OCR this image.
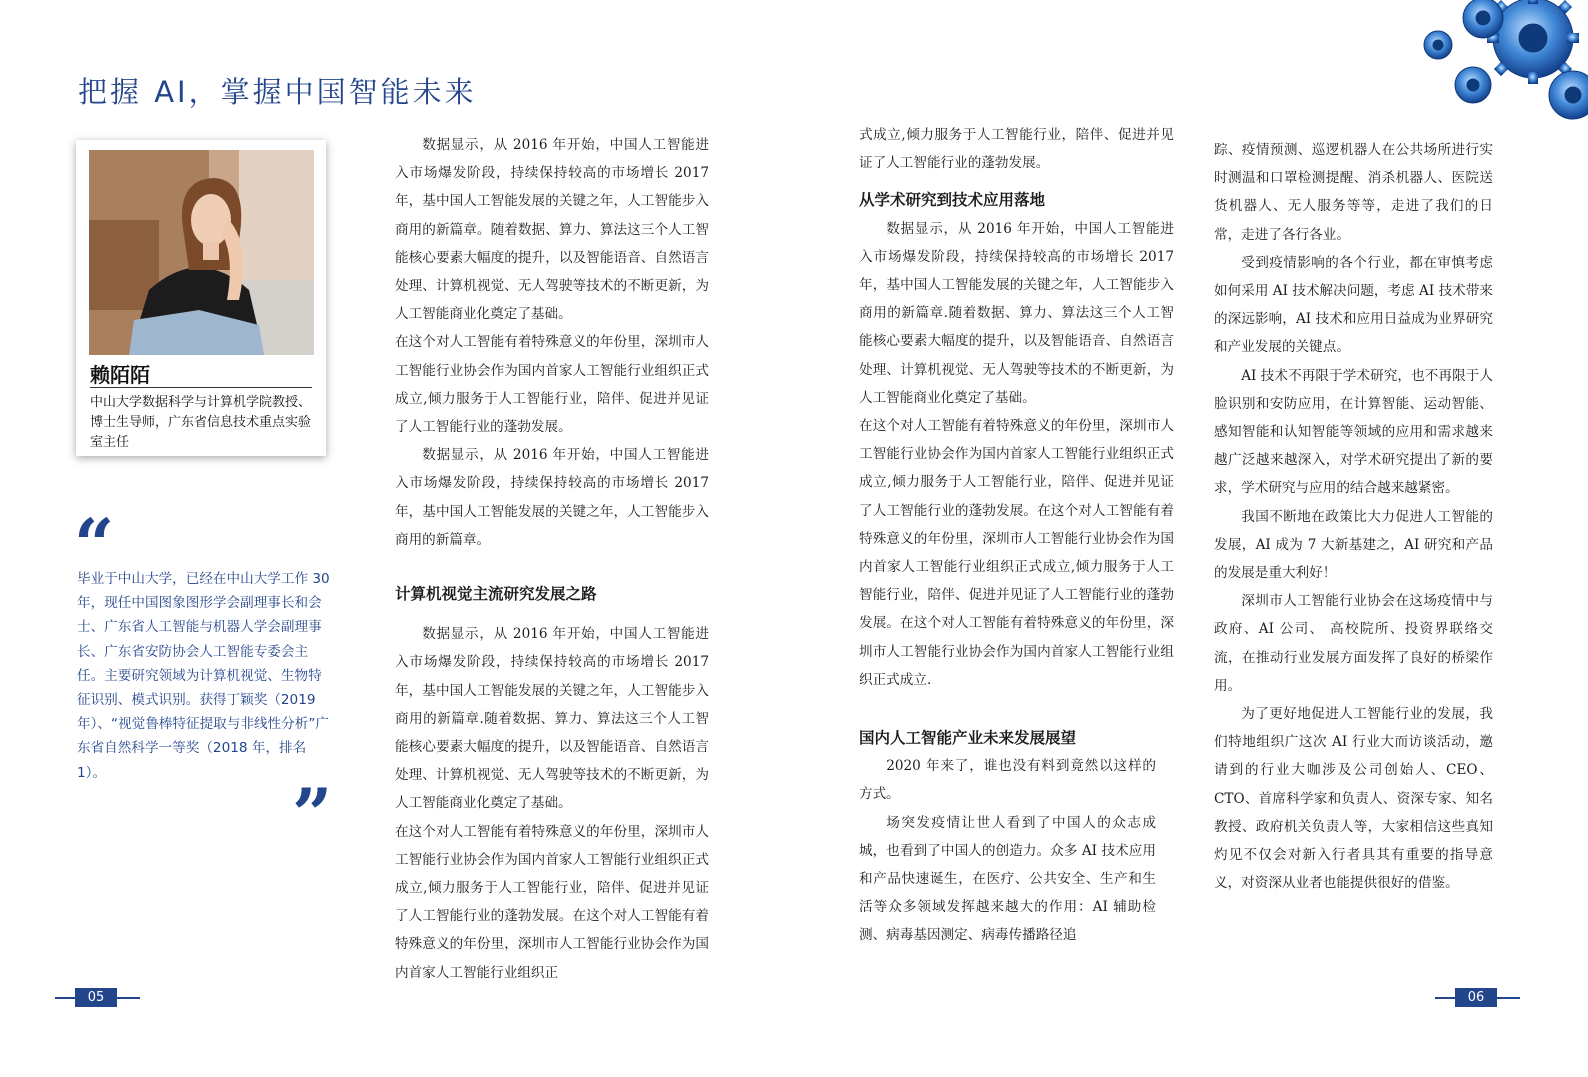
把握 AI，掌握中国智能未来
赖陌陌
中山大学数据科学与计算机学院教授、博士生导师，广东省信息技术重点实验室主任
“
毕业于中山大学，已经在中山大学工作 30 年，现任中国图象图形学会副理事长和会士、广东省人工智能与机器人学会副理事长、广东省安防协会人工智能专委会主任。主要研究领域为计算机视觉、生物特征识别、模式识别。获得丁颖奖（2019 年）、“视觉鲁棒特征提取与非线性分析”广东省自然科学一等奖（2018 年，排名 1）。
”

数据显示，从 2016 年开始，中国人工智能进入市场爆发阶段，持续保持较高的市场增长 2017 年，基中国人工智能发展的关键之年，人工智能步入商用的新篇章。随着数据、算力、算法这三个人工智能核心要素大幅度的提升，以及智能语音、自然语言处理、计算机视觉、无人驾驶等技术的不断更新，为人工智能商业化奠定了基础。

在这个对人工智能有着特殊意义的年份里，深圳市人工智能行业协会作为国内首家人工智能行业组织正式成立,倾力服务于人工智能行业，陪伴、促进并见证了人工智能行业的蓬勃发展。

数据显示，从 2016 年开始，中国人工智能进入市场爆发阶段，持续保持较高的市场增长 2017 年，基中国人工智能发展的关键之年，人工智能步入商用的新篇章。

计算机视觉主流研究发展之路

数据显示，从 2016 年开始，中国人工智能进入市场爆发阶段，持续保持较高的市场增长 2017 年，基中国人工智能发展的关键之年，人工智能步入商用的新篇章.随着数据、算力、算法这三个人工智能核心要素大幅度的提升，以及智能语音、自然语言处理、计算机视觉、无人驾驶等技术的不断更新，为人工智能商业化奠定了基础。

在这个对人工智能有着特殊意义的年份里，深圳市人工智能行业协会作为国内首家人工智能行业组织正式成立,倾力服务于人工智能行业，陪伴、促进并见证了人工智能行业的蓬勃发展。在这个对人工智能有着特殊意义的年份里，深圳市人工智能行业协会作为国内首家人工智能行业组织正

式成立,倾力服务于人工智能行业，陪伴、促进并见证了人工智能行业的蓬勃发展。

从学术研究到技术应用落地

数据显示，从 2016 年开始，中国人工智能进入市场爆发阶段，持续保持较高的市场增长 2017 年，基中国人工智能发展的关键之年，人工智能步入商用的新篇章.随着数据、算力、算法这三个人工智能核心要素大幅度的提升，以及智能语音、自然语言处理、计算机视觉、无人驾驶等技术的不断更新，为人工智能商业化奠定了基础。

在这个对人工智能有着特殊意义的年份里，深圳市人工智能行业协会作为国内首家人工智能行业组织正式成立,倾力服务于人工智能行业，陪伴、促进并见证了人工智能行业的蓬勃发展。在这个对人工智能有着特殊意义的年份里，深圳市人工智能行业协会作为国内首家人工智能行业组织正式成立,倾力服务于人工智能行业，陪伴、促进并见证了人工智能行业的蓬勃发展。在这个对人工智能有着特殊意义的年份里，深圳市人工智能行业协会作为国内首家人工智能行业组织正式成立.

国内人工智能产业未来发展展望

2020 年来了，谁也没有料到竟然以这样的方式。

场突发疫情让世人看到了中国人的众志成城，也看到了中国人的创造力。众多 AI 技术应用和产品快速诞生，在医疗、公共安全、生产和生活等众多领域发挥越来越大的作用：AI 辅助检测、病毒基因测定、病毒传播路径追

踪、疫情预测、巡逻机器人在公共场所进行实时测温和口罩检测提醒、消杀机器人、医院送货机器人、无人服务等等，走进了我们的日常，走进了各行各业。

受到疫情影响的各个行业，都在审慎考虑如何采用 AI 技术解决问题，考虑 AI 技术带来的深远影响，AI 技术和应用日益成为业界研究和产业发展的关键点。

AI 技术不再限于学术研究，也不再限于人脸识别和安防应用，在计算智能、运动智能、 感知智能和认知智能等领域的应用和需求越来越广泛越来越深入，对学术研究提出了新的要求，学术研究与应用的结合越来越紧密。

我国不断地在政策比大力促进人工智能的发展，AI 成为 7 大新基建之，AI 研究和产品的发展是重大利好！

深圳市人工智能行业协会在这场疫情中与政府、AI 公司、 高校院所、投资界联络交流，在推动行业发展方面发挥了良好的桥梁作用。

为了更好地促进人工智能行业的发展，我们特地组织广这次 AI 行业大而访谈活动，邀请到的行业大咖涉及公司创始人、CEO、CTO、首席科学家和负责人、资深专家、知名教授、政府机关负责人等，大家相信这些真知灼见不仅会对新入行者具其有重要的指导意义，对资深从业者也能提供很好的借鉴。

05	06
